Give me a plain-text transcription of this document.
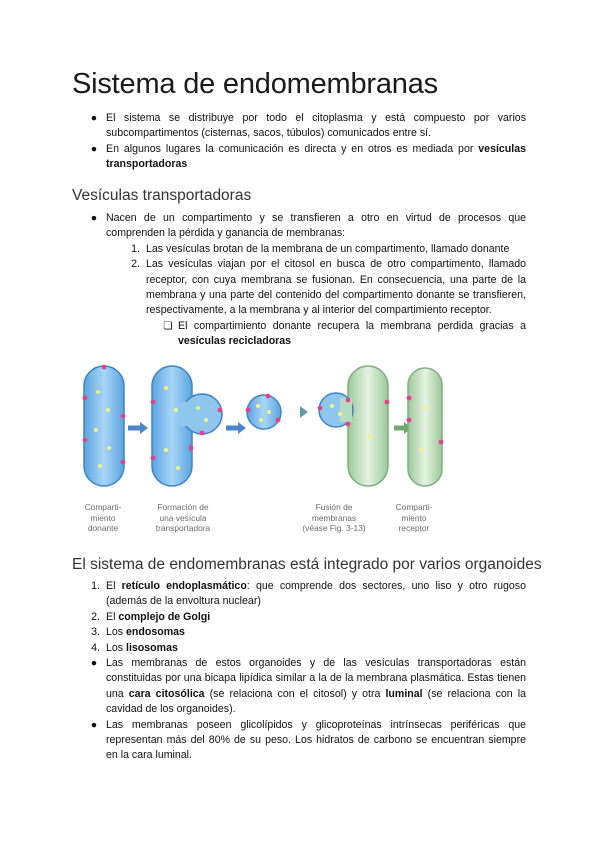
Sistema de endomembranas
● El sistema se distribuye por todo el citoplasma y está compuesto por varios subcompartimentos (cisternas, sacos, túbulos) comunicados entre sí.
● En algunos lugares la comunicación es directa y en otros es mediada por vesículas transportadoras
Vesículas transportadoras
● Nacen de un compartimento y se transfieren a otro en virtud de procesos que comprenden la pérdida y ganancia de membranas:
1. Las vesículas brotan de la membrana de un compartimento, llamado donante
2. Las vesículas viajan por el citosol en busca de otro compartimento, llamado receptor, con cuya membrana se fusionan. En consecuencia, una parte de la membrana y una parte del contenido del compartimento donante se transfieren, respectivamente, a la membrana y al interior del compartimiento receptor.
❏ El compartimiento donante recupera la membrana perdida gracias a vesículas recicladoras
Comparti-
miento
donante
Formación de
una vesícula
transportadora
Fusión de
membranas
(véase Fig. 3-13)
Comparti-
miento
receptor
El sistema de endomembranas está integrado por varios organoides
1. El retículo endoplasmático: que comprende dos sectores, uno liso y otro rugoso (además de la envoltura nuclear)
2. El complejo de Golgi
3. Los endosomas
4. Los lisosomas
● Las membranas de estos organoides y de las vesículas transportadoras están constituidas por una bicapa lipídica similar a la de la membrana plasmática. Estas tienen una cara citosólica (se relaciona con el citosol) y otra luminal (se relaciona con la cavidad de los organoides).
● Las membranas poseen glicolípidos y glicoproteínas intrínsecas periféricas que representan más del 80% de su peso. Los hidratos de carbono se encuentran siempre en la cara luminal.
